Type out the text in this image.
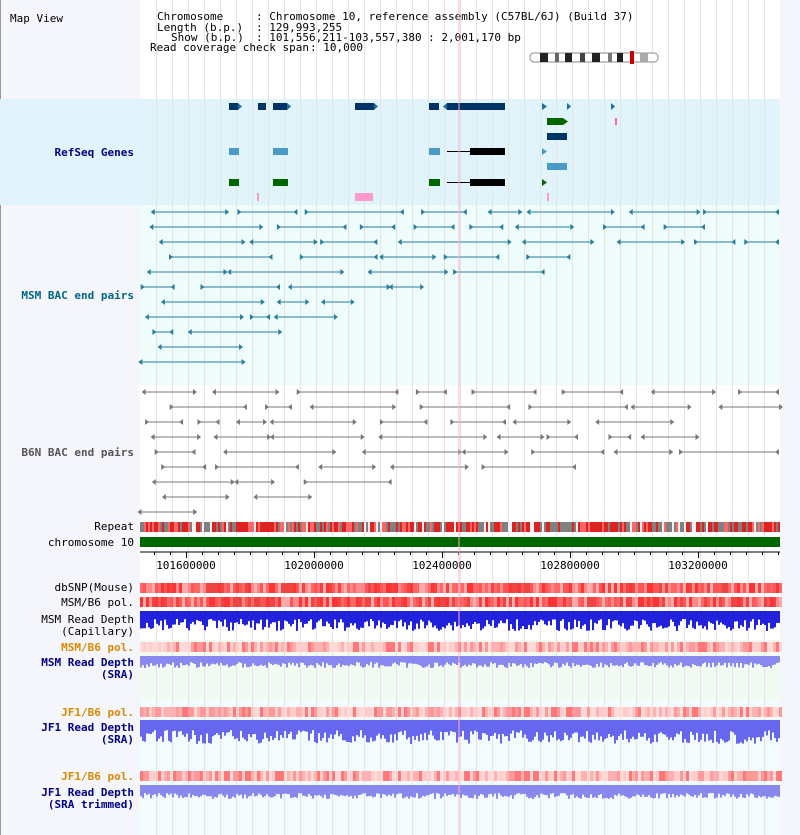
Map View	Chromosome	: Chromosome 10, reference assembly (C57BL/6J) (Build 37)
Length (b.p.) : 129,993,255
Show (b.p.) : 101,556,211-103,557,380 : 2,001,170 bp
Read coverage check span : 10,000
RefSeq Genes
MSM BAC end pairs
B6N BAC end pairs
Repeat
chromosome 10
dbSNP(Mouse)
MSM/B6 pol.
MSM Read Depth
(Capillary)
MSM/B6 pol.
MSM Read Depth
(SRA)
JF1/B6 pol.
JF1 Read Depth
(SRA)
JF1/B6 pol.
JF1 Read Depth
(SRA trimmed)
101600000	102000000	102400000	102800000	103200000
